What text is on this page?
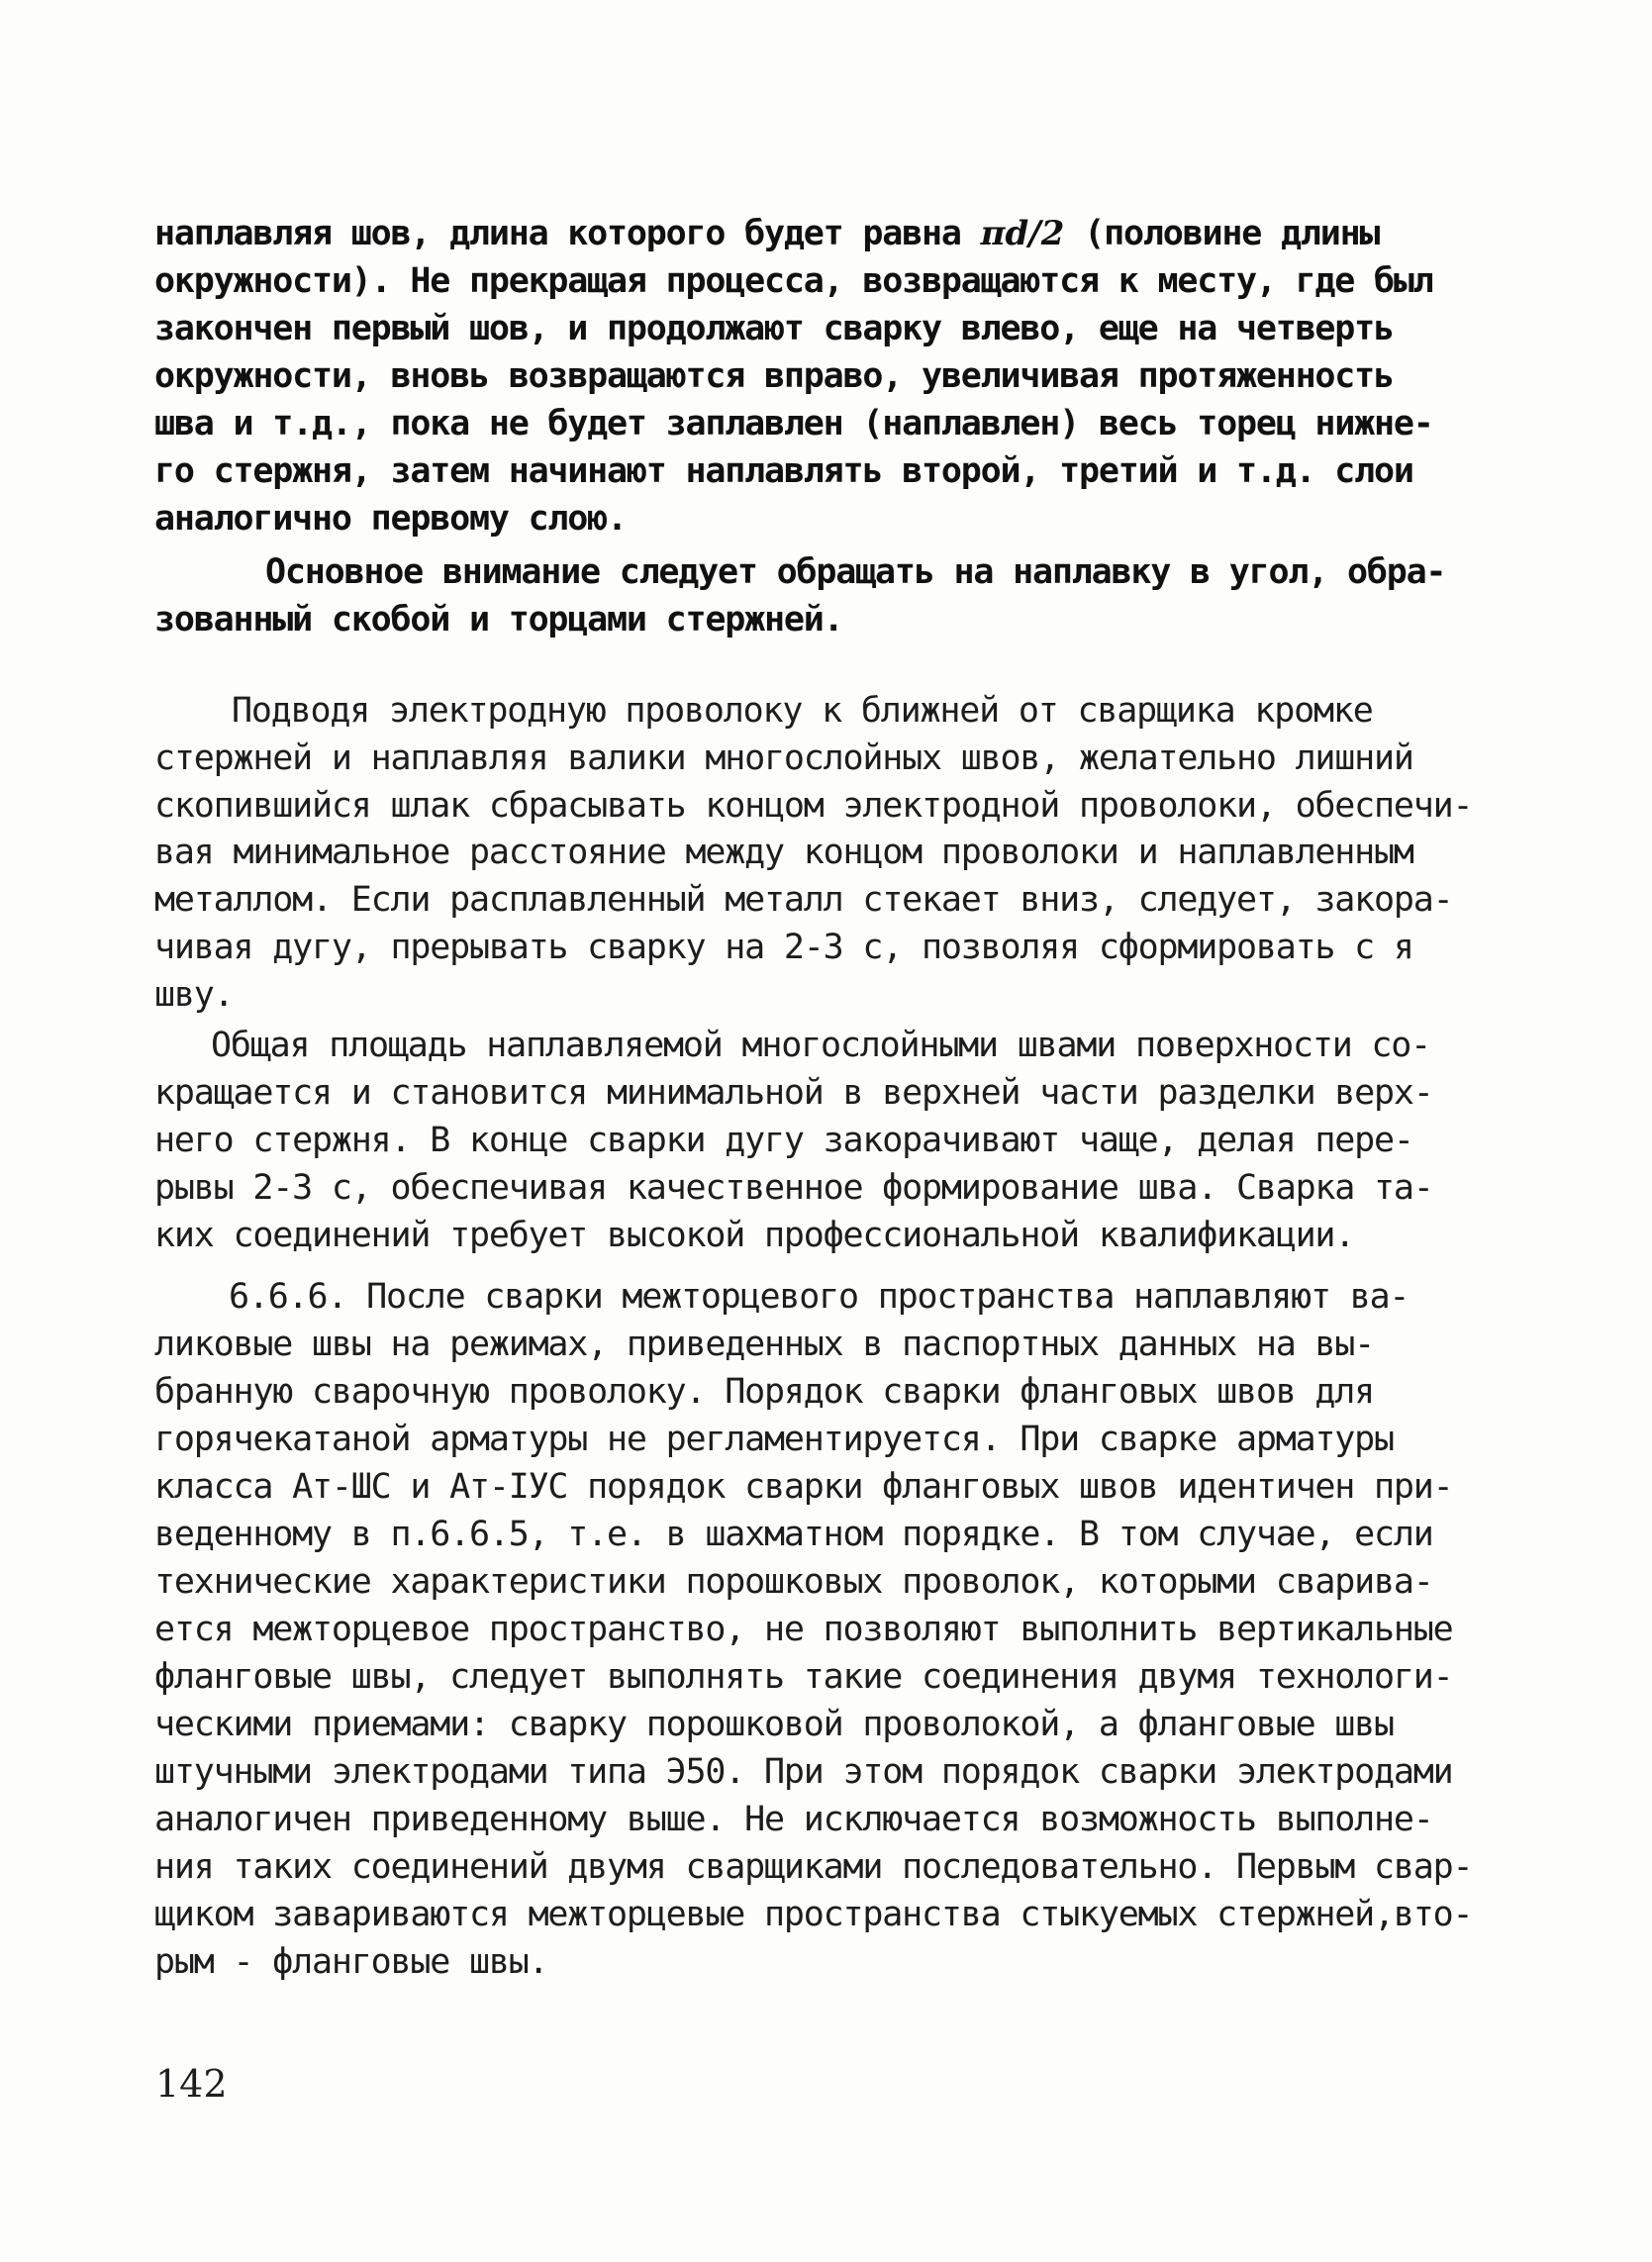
наплавляя шов, длина которого будет равна πd/2 (половине длины
окружности). Не прекращая процесса, возвращаются к месту, где был
закончен первый шов, и продолжают сварку влево, еще на четверть
окружности, вновь возвращаются вправо, увеличивая протяженность
шва и т.д., пока не будет заплавлен (наплавлен) весь торец нижне-
го стержня, затем начинают наплавлять второй, третий и т.д. слои
аналогично первому слою.
Основное внимание следует обращать на наплавку в угол, обра-
зованный скобой и торцами стержней.
Подводя электродную проволоку к ближней от сварщика кромке
стержней и наплавляя валики многослойных швов, желательно лишний
скопившийся шлак сбрасывать концом электродной проволоки, обеспечи-
вая минимальное расстояние между концом проволоки и наплавленным
металлом. Если расплавленный металл стекает вниз, следует, закора-
чивая дугу, прерывать сварку на 2-3 с, позволяя сформировать с я
шву.
Общая площадь наплавляемой многослойными швами поверхности со-
кращается и становится минимальной в верхней части разделки верх-
него стержня. В конце сварки дугу закорачивают чаще, делая пере-
рывы 2-3 с, обеспечивая качественное формирование шва. Сварка та-
ких соединений требует высокой профессиональной квалификации.
6.6.6. После сварки межторцевого пространства наплавляют ва-
ликовые швы на режимах, приведенных в паспортных данных на вы-
бранную сварочную проволоку. Порядок сварки фланговых швов для
горячекатаной арматуры не регламентируется. При сварке арматуры
класса Ат-ШС и Ат-ІУС порядок сварки фланговых швов идентичен при-
веденному в п.6.6.5, т.е. в шахматном порядке. В том случае, если
технические характеристики порошковых проволок, которыми сварива-
ется межторцевое пространство, не позволяют выполнить вертикальные
фланговые швы, следует выполнять такие соединения двумя технологи-
ческими приемами: сварку порошковой проволокой, а фланговые швы
штучными электродами типа Э50. При этом порядок сварки электродами
аналогичен приведенному выше. Не исключается возможность выполне-
ния таких соединений двумя сварщиками последовательно. Первым свар-
щиком завариваются межторцевые пространства стыкуемых стержней,вто-
рым - фланговые швы.
142
